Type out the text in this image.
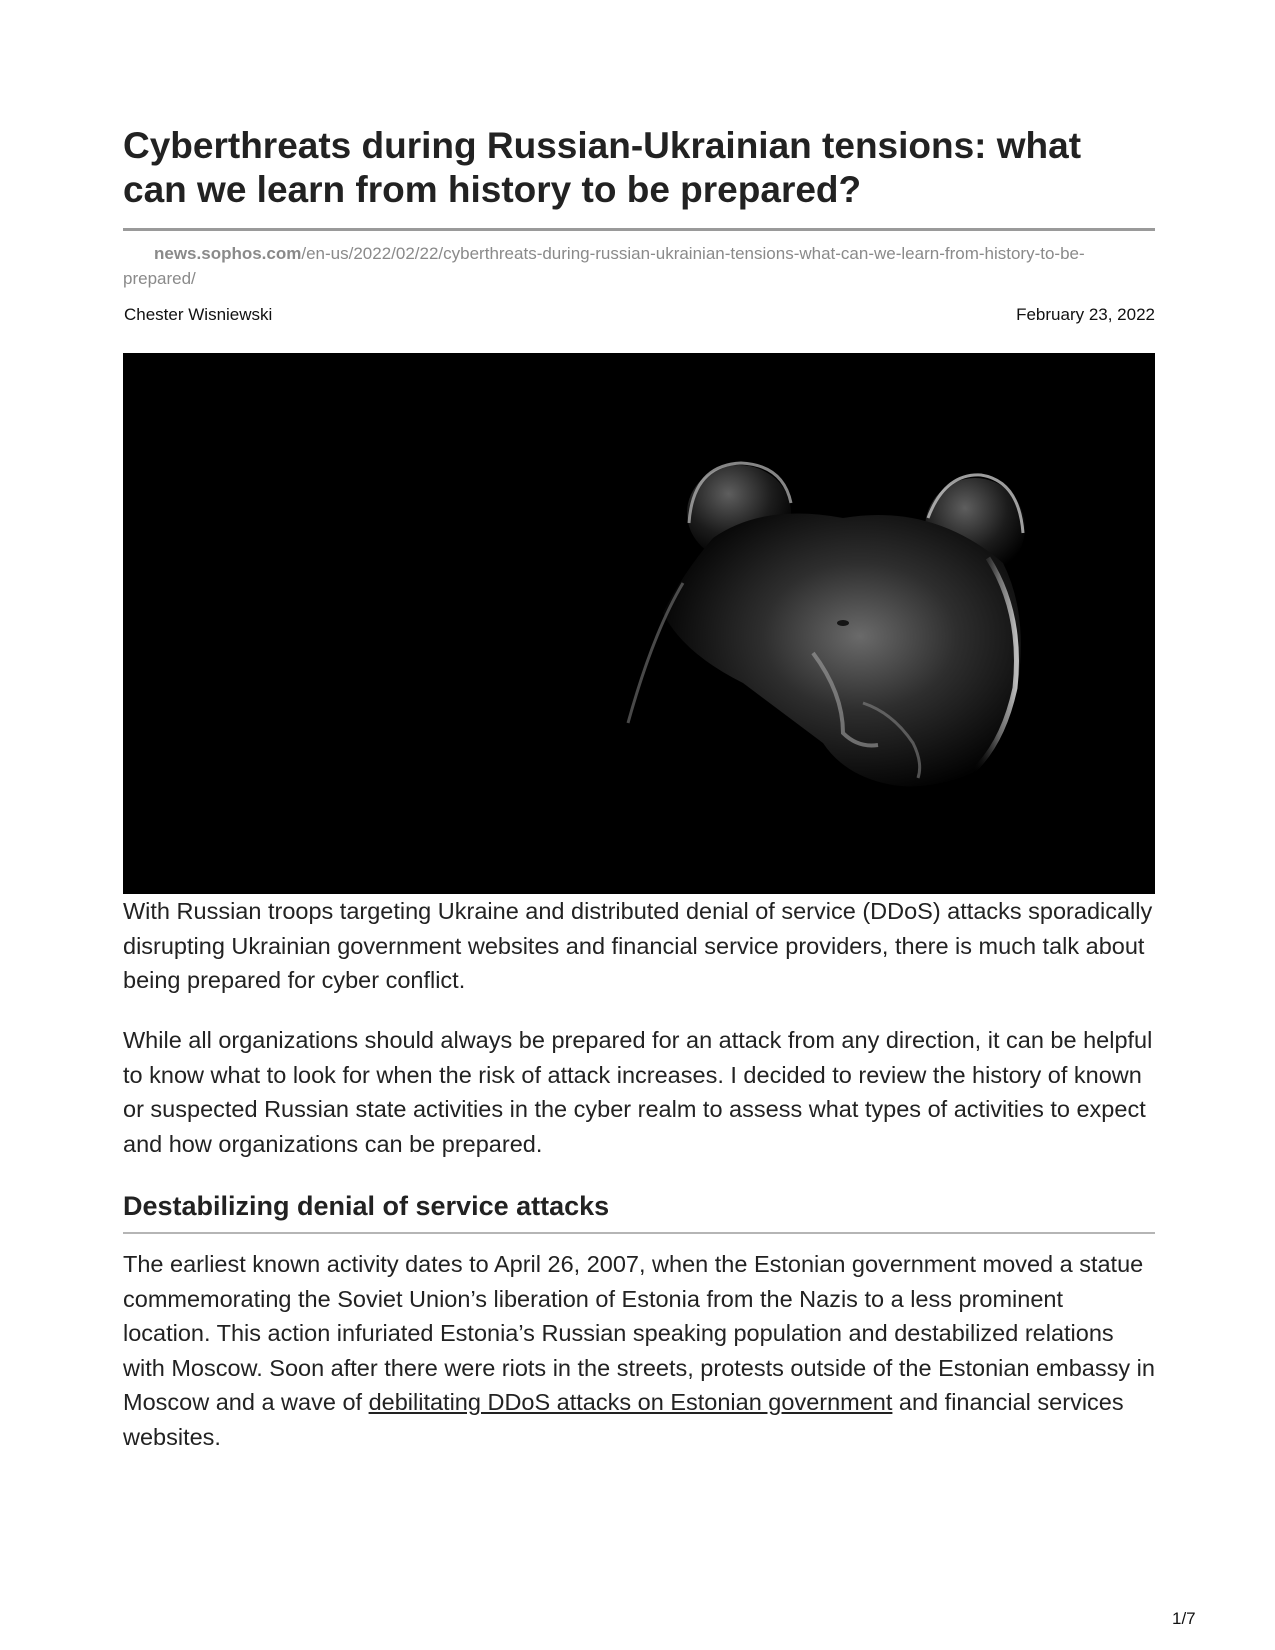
Cyberthreats during Russian-Ukrainian tensions: what can we learn from history to be prepared?
news.sophos.com/en-us/2022/02/22/cyberthreats-during-russian-ukrainian-tensions-what-can-we-learn-from-history-to-be-prepared/
Chester Wisniewski	February 23, 2022

With Russian troops targeting Ukraine and distributed denial of service (DDoS) attacks sporadically disrupting Ukrainian government websites and financial service providers, there is much talk about being prepared for cyber conflict.

While all organizations should always be prepared for an attack from any direction, it can be helpful to know what to look for when the risk of attack increases. I decided to review the history of known or suspected Russian state activities in the cyber realm to assess what types of activities to expect and how organizations can be prepared.

Destabilizing denial of service attacks

The earliest known activity dates to April 26, 2007, when the Estonian government moved a statue commemorating the Soviet Union’s liberation of Estonia from the Nazis to a less prominent location. This action infuriated Estonia’s Russian speaking population and destabilized relations with Moscow. Soon after there were riots in the streets, protests outside of the Estonian embassy in Moscow and a wave of debilitating DDoS attacks on Estonian government and financial services websites.

1/7
